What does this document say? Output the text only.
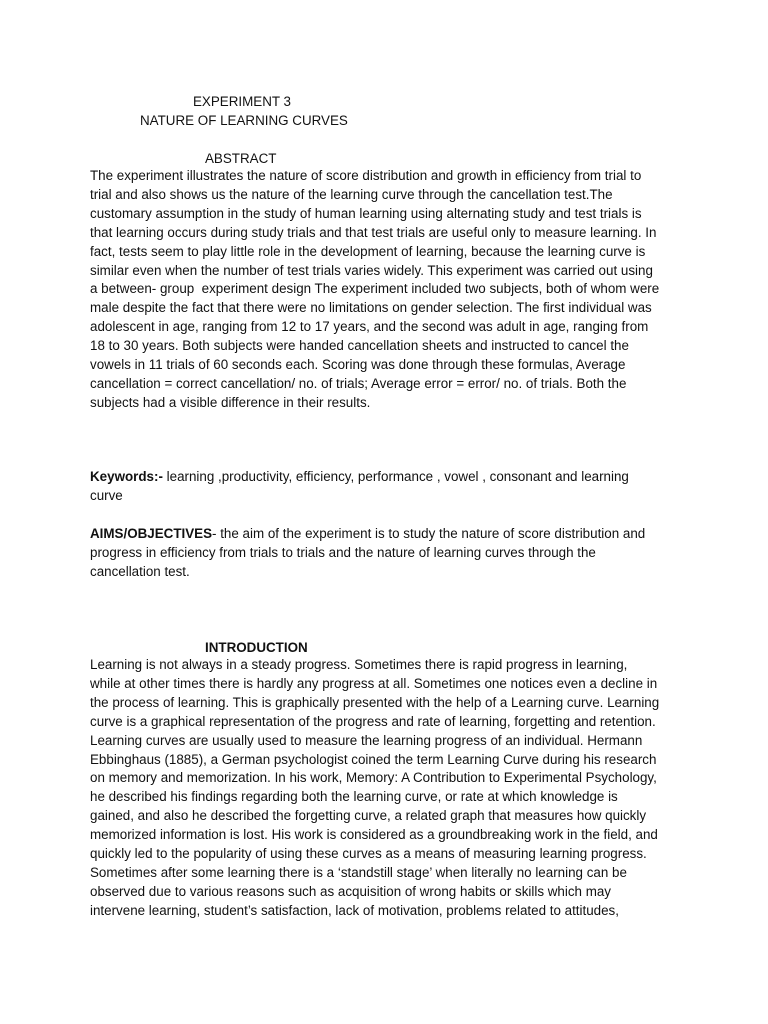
EXPERIMENT 3
NATURE OF LEARNING CURVES
ABSTRACT
The experiment illustrates the nature of score distribution and growth in efficiency from trial to
trial and also shows us the nature of the learning curve through the cancellation test.The
customary assumption in the study of human learning using alternating study and test trials is
that learning occurs during study trials and that test trials are useful only to measure learning. In
fact, tests seem to play little role in the development of learning, because the learning curve is
similar even when the number of test trials varies widely. This experiment was carried out using
a between- group  experiment design The experiment included two subjects, both of whom were
male despite the fact that there were no limitations on gender selection. The first individual was
adolescent in age, ranging from 12 to 17 years, and the second was adult in age, ranging from
18 to 30 years. Both subjects were handed cancellation sheets and instructed to cancel the
vowels in 11 trials of 60 seconds each. Scoring was done through these formulas, Average
cancellation = correct cancellation/ no. of trials; Average error = error/ no. of trials. Both the
subjects had a visible difference in their results.
Keywords:- learning ,productivity, efficiency, performance , vowel , consonant and learning
curve
AIMS/OBJECTIVES- the aim of the experiment is to study the nature of score distribution and
progress in efficiency from trials to trials and the nature of learning curves through the
cancellation test.
INTRODUCTION
Learning is not always in a steady progress. Sometimes there is rapid progress in learning,
while at other times there is hardly any progress at all. Sometimes one notices even a decline in
the process of learning. This is graphically presented with the help of a Learning curve. Learning
curve is a graphical representation of the progress and rate of learning, forgetting and retention.
Learning curves are usually used to measure the learning progress of an individual. Hermann
Ebbinghaus (1885), a German psychologist coined the term Learning Curve during his research
on memory and memorization. In his work, Memory: A Contribution to Experimental Psychology,
he described his findings regarding both the learning curve, or rate at which knowledge is
gained, and also he described the forgetting curve, a related graph that measures how quickly
memorized information is lost. His work is considered as a groundbreaking work in the field, and
quickly led to the popularity of using these curves as a means of measuring learning progress.
Sometimes after some learning there is a ‘standstill stage’ when literally no learning can be
observed due to various reasons such as acquisition of wrong habits or skills which may
intervene learning, student’s satisfaction, lack of motivation, problems related to attitudes,
